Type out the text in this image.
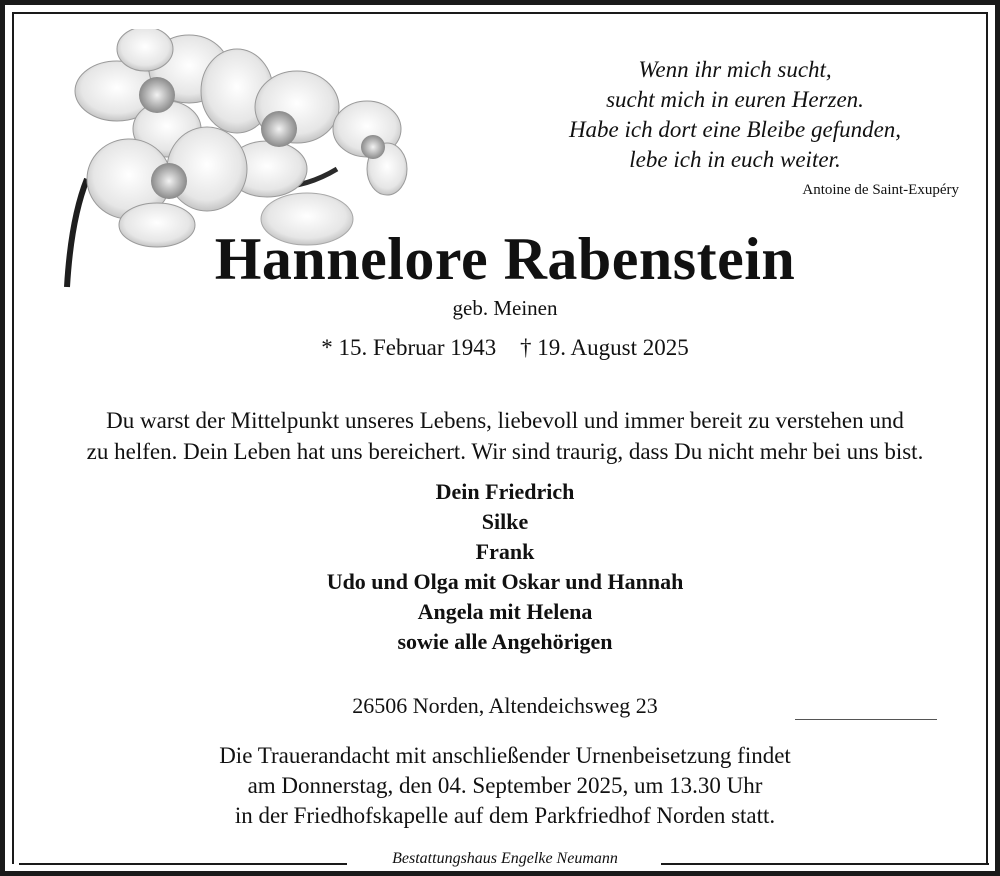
Wenn ihr mich sucht,
sucht mich in euren Herzen.
Habe ich dort eine Bleibe gefunden,
lebe ich in euch weiter.
Antoine de Saint-Exupéry
Hannelore Rabenstein
geb. Meinen
* 15. Februar 1943 † 19. August 2025
Du warst der Mittelpunkt unseres Lebens, liebevoll und immer bereit zu verstehen und
zu helfen. Dein Leben hat uns bereichert. Wir sind traurig, dass Du nicht mehr bei uns bist.
Dein Friedrich
Silke
Frank
Udo und Olga mit Oskar und Hannah
Angela mit Helena
sowie alle Angehörigen
26506 Norden, Altendeichsweg 23
Die Trauerandacht mit anschließender Urnenbeisetzung findet
am Donnerstag, den 04. September 2025, um 13.30 Uhr
in der Friedhofskapelle auf dem Parkfriedhof Norden statt.
Bestattungshaus Engelke Neumann
